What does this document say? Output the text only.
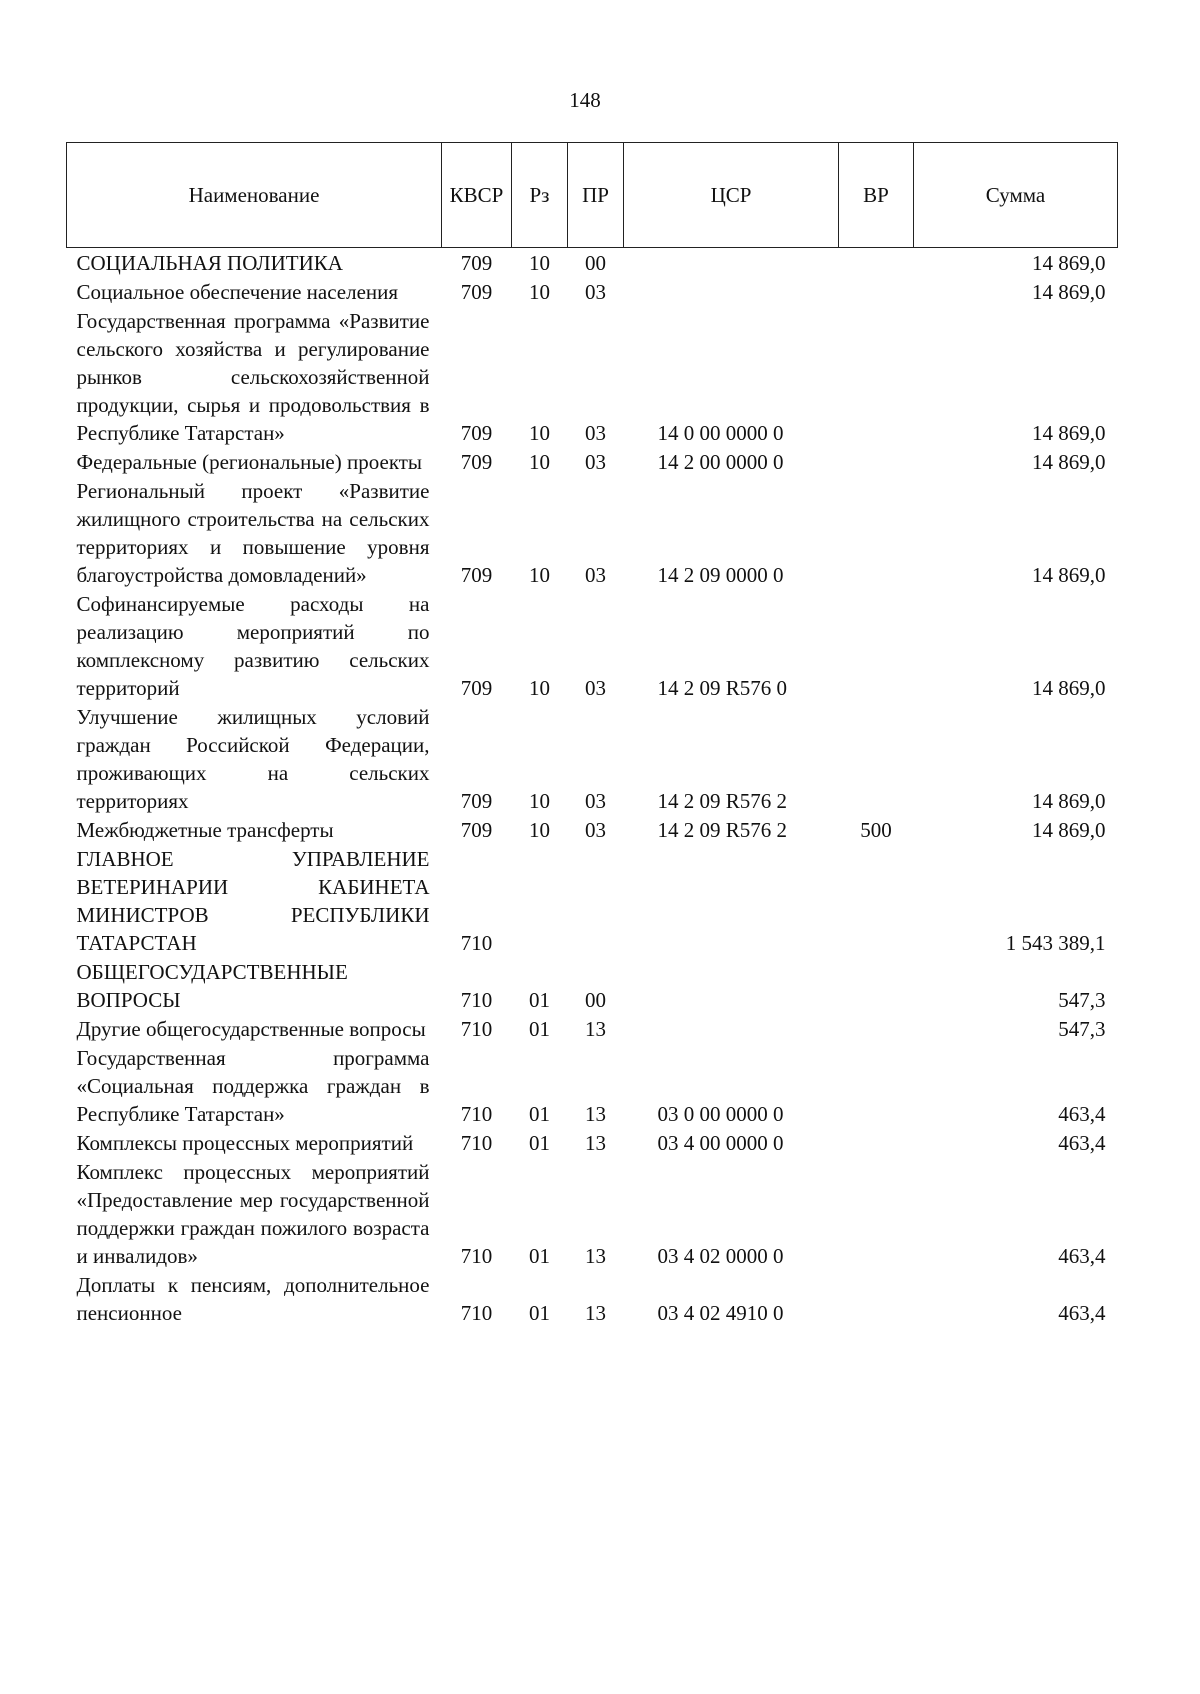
148
Наименование	КВСР	Рз	ПР	ЦСР	ВР	Сумма
СОЦИАЛЬНАЯ ПОЛИТИКА	709	10	00			14 869,0
Социальное обеспечение населения	709	10	03			14 869,0
Государственная программа «Развитие сельского хозяйства и регулирование рынков сельскохозяйственной продукции, сырья и продовольствия в Республике Татарстан»	709	10	03	14 0 00 0000 0		14 869,0
Федеральные (региональные) проекты	709	10	03	14 2 00 0000 0		14 869,0
Региональный проект «Развитие жилищного строительства на сельских территориях и повышение уровня благоустройства домовладений»	709	10	03	14 2 09 0000 0		14 869,0
Софинансируемые расходы на реализацию мероприятий по комплексному развитию сельских территорий	709	10	03	14 2 09 R576 0		14 869,0
Улучшение жилищных условий граждан Российской Федерации, проживающих на сельских территориях	709	10	03	14 2 09 R576 2		14 869,0
Межбюджетные трансферты	709	10	03	14 2 09 R576 2	500	14 869,0
ГЛАВНОЕ УПРАВЛЕНИЕ ВЕТЕРИНАРИИ КАБИНЕТА МИНИСТРОВ РЕСПУБЛИКИ ТАТАРСТАН	710					1 543 389,1
ОБЩЕГОСУДАРСТВЕННЫЕ ВОПРОСЫ	710	01	00			547,3
Другие общегосударственные вопросы	710	01	13			547,3
Государственная программа «Социальная поддержка граждан в Республике Татарстан»	710	01	13	03 0 00 0000 0		463,4
Комплексы процессных мероприятий	710	01	13	03 4 00 0000 0		463,4
Комплекс процессных мероприятий «Предоставление мер государственной поддержки граждан пожилого возраста и инвалидов»	710	01	13	03 4 02 0000 0		463,4
Доплаты к пенсиям, дополнительное пенсионное	710	01	13	03 4 02 4910 0		463,4
